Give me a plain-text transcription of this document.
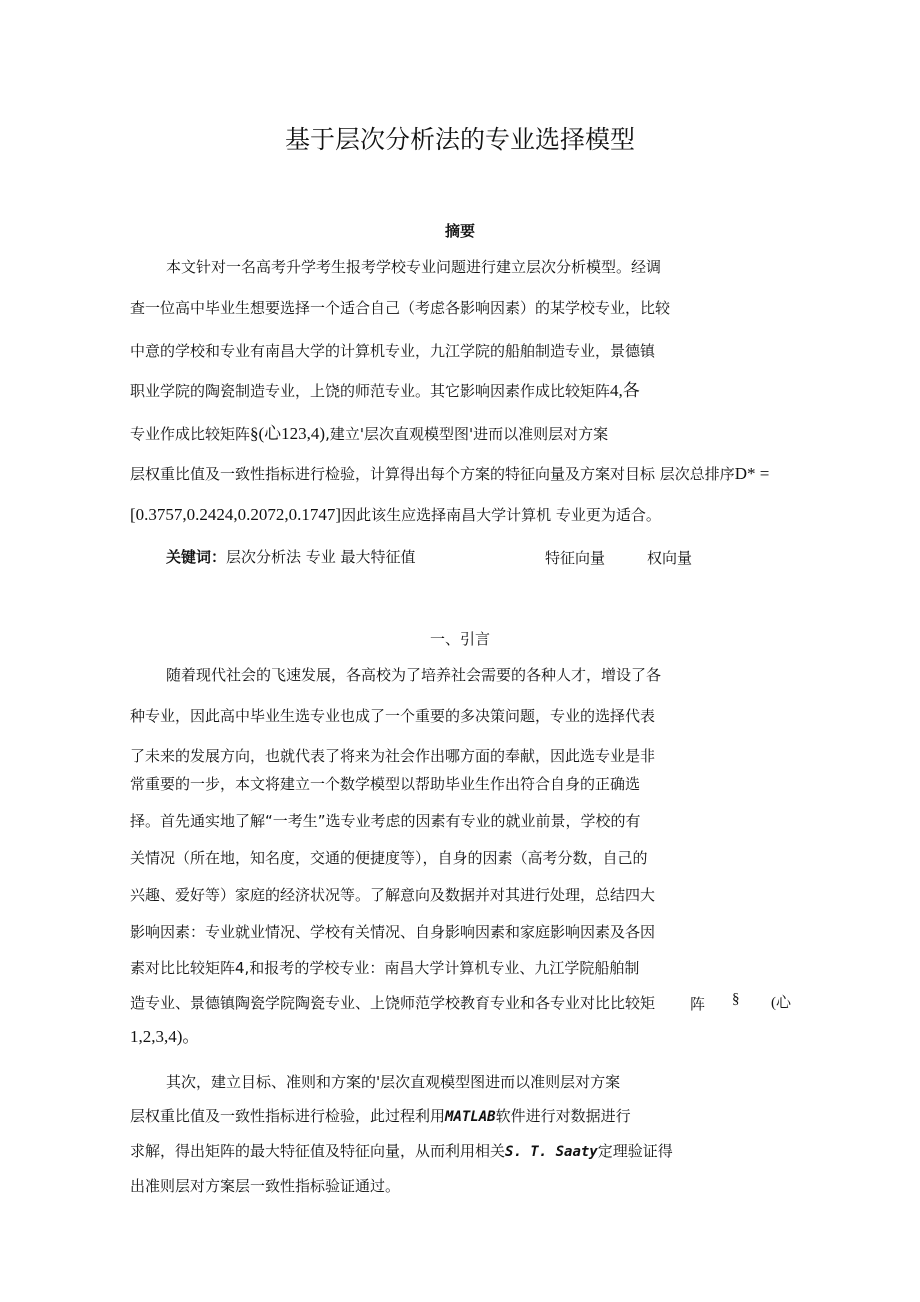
基于层次分析法的专业选择模型
摘要
本文针对一名高考升学考生报考学校专业问题进行建立层次分析模型。经调
查一位高中毕业生想要选择一个适合自己（考虑各影响因素）的某学校专业，比较
中意的学校和专业有南昌大学的计算机专业，九江学院的船舶制造专业，景德镇
职业学院的陶瓷制造专业，上饶的师范专业。其它影响因素作成比较矩阵4,各
专业作成比较矩阵§(心123,4),建立'层次直观模型图'进而以准则层对方案
层权重比值及一致性指标进行检验，计算得出每个方案的特征向量及方案对目标 层次总排序D* =
[0.3757,0.2424,0.2072,0.1747]因此该生应选择南昌大学计算机 专业更为适合。
关键词：层次分析法 专业 最大特征值	特征向量	权向量
一、引言
随着现代社会的飞速发展，各高校为了培养社会需要的各种人才，增设了各
种专业，因此高中毕业生选专业也成了一个重要的多决策问题，专业的选择代表
了未来的发展方向，也就代表了将来为社会作出哪方面的奉献，因此选专业是非
常重要的一步，本文将建立一个数学模型以帮助毕业生作出符合自身的正确选
择。首先通实地了解“一考生”选专业考虑的因素有专业的就业前景，学校的有
关情况（所在地，知名度，交通的便捷度等），自身的因素（高考分数，自己的
兴趣、爱好等）家庭的经济状况等。了解意向及数据并对其进行处理，总结四大
影响因素：专业就业情况、学校有关情况、自身影响因素和家庭影响因素及各因
素对比比较矩阵4,和报考的学校专业：南昌大学计算机专业、九江学院船舶制
造专业、景德镇陶瓷学院陶瓷专业、上饶师范学校教育专业和各专业对比比较矩 阵 § (心
1,2,3,4)。
其次，建立目标、准则和方案的'层次直观模型图进而以准则层对方案
层权重比值及一致性指标进行检验，此过程利用MATLAB软件进行对数据进行
求解，得出矩阵的最大特征值及特征向量，从而利用相关S. T. Saaty定理验证得
出准则层对方案层一致性指标验证通过。
